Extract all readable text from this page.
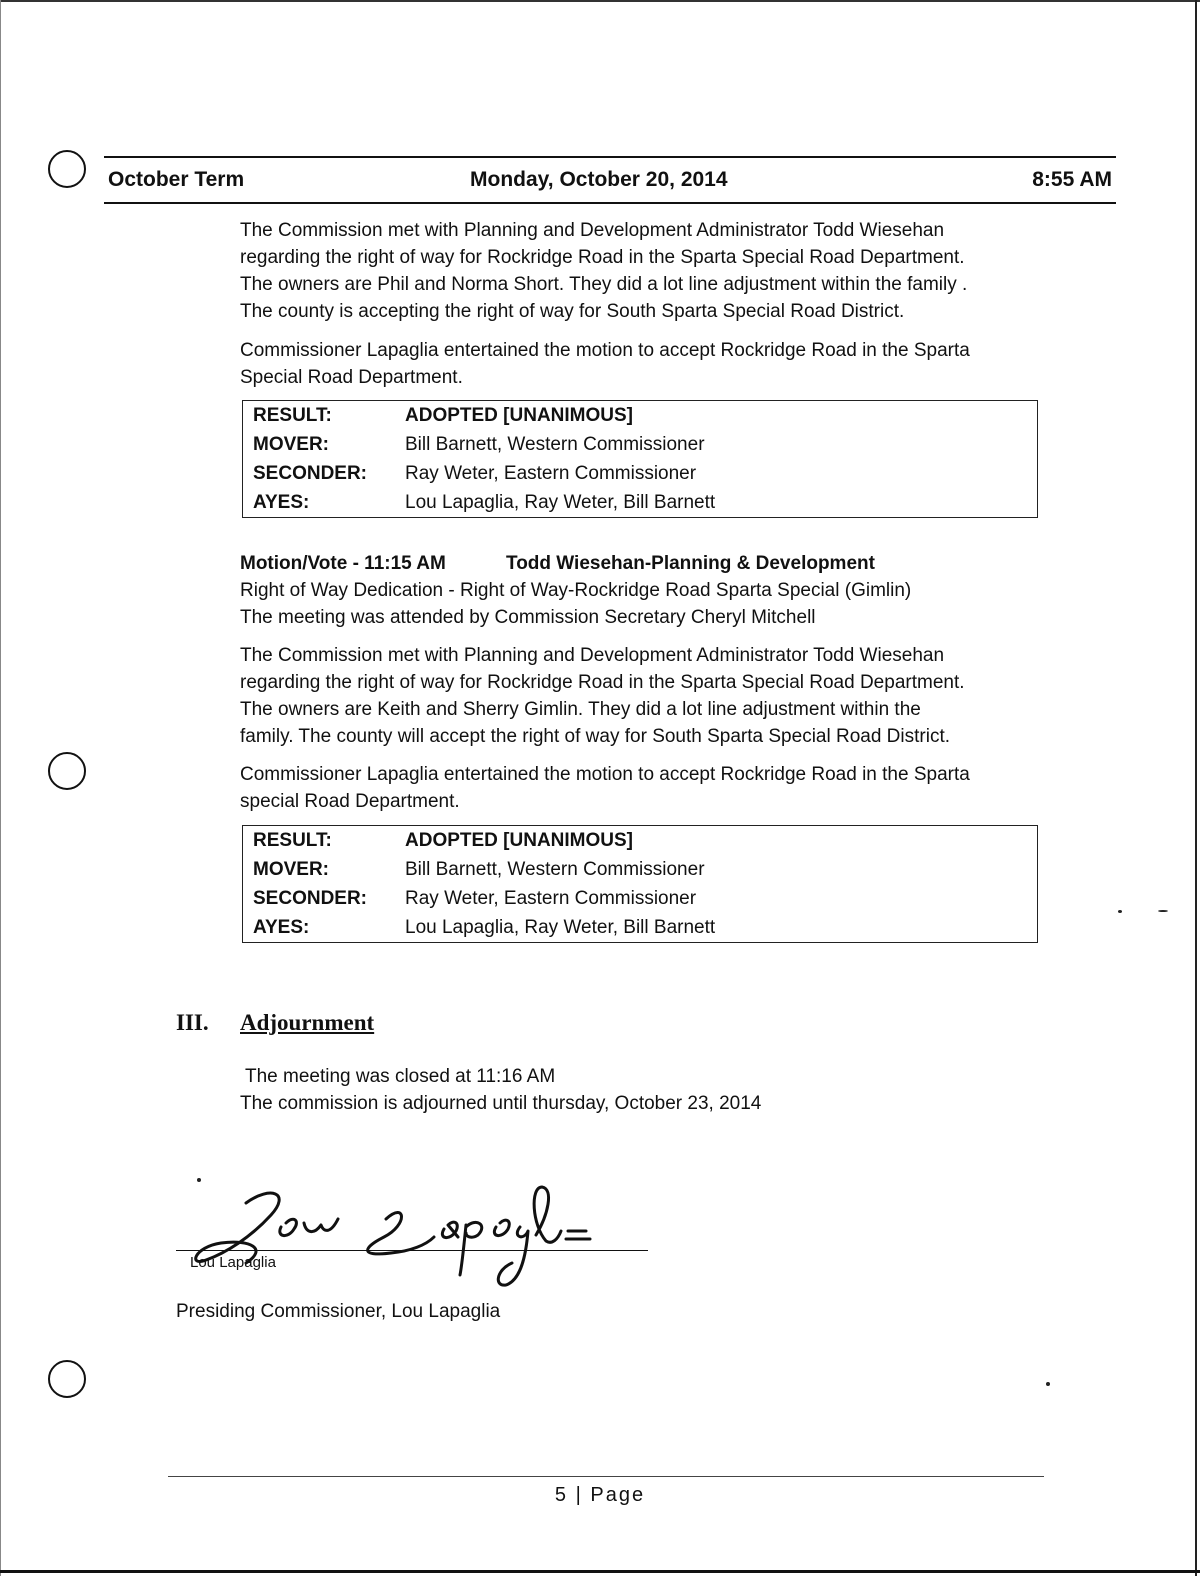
October Term	Monday, October 20, 2014	8:55 AM
The Commission met with Planning and Development Administrator Todd Wiesehan
regarding the right of way for Rockridge Road in the Sparta Special Road Department.
The owners are Phil and Norma Short. They did a lot line adjustment within the family .
The county is accepting the right of way for South Sparta Special Road District.
Commissioner Lapaglia entertained the motion to accept Rockridge Road in the Sparta
Special Road Department.
RESULT:	ADOPTED [UNANIMOUS]
MOVER:	Bill Barnett, Western Commissioner
SECONDER: Ray Weter, Eastern Commissioner
AYES:	Lou Lapaglia, Ray Weter, Bill Barnett
Motion/Vote - 11:15 AM	Todd Wiesehan-Planning & Development
Right of Way Dedication - Right of Way-Rockridge Road Sparta Special (Gimlin)
The meeting was attended by Commission Secretary Cheryl Mitchell
The Commission met with Planning and Development Administrator Todd Wiesehan
regarding the right of way for Rockridge Road in the Sparta Special Road Department.
The owners are Keith and Sherry Gimlin. They did a lot line adjustment within the
family. The county will accept the right of way for South Sparta Special Road District.
Commissioner Lapaglia entertained the motion to accept Rockridge Road in the Sparta
special Road Department.
RESULT:	ADOPTED [UNANIMOUS]
MOVER:	Bill Barnett, Western Commissioner
SECONDER: Ray Weter, Eastern Commissioner
AYES:	Lou Lapaglia, Ray Weter, Bill Barnett
III. Adjournment
The meeting was closed at 11:16 AM
The commission is adjourned until thursday, October 23, 2014
Lou Lapaglia
Presiding Commissioner, Lou Lapaglia
5 | Page
